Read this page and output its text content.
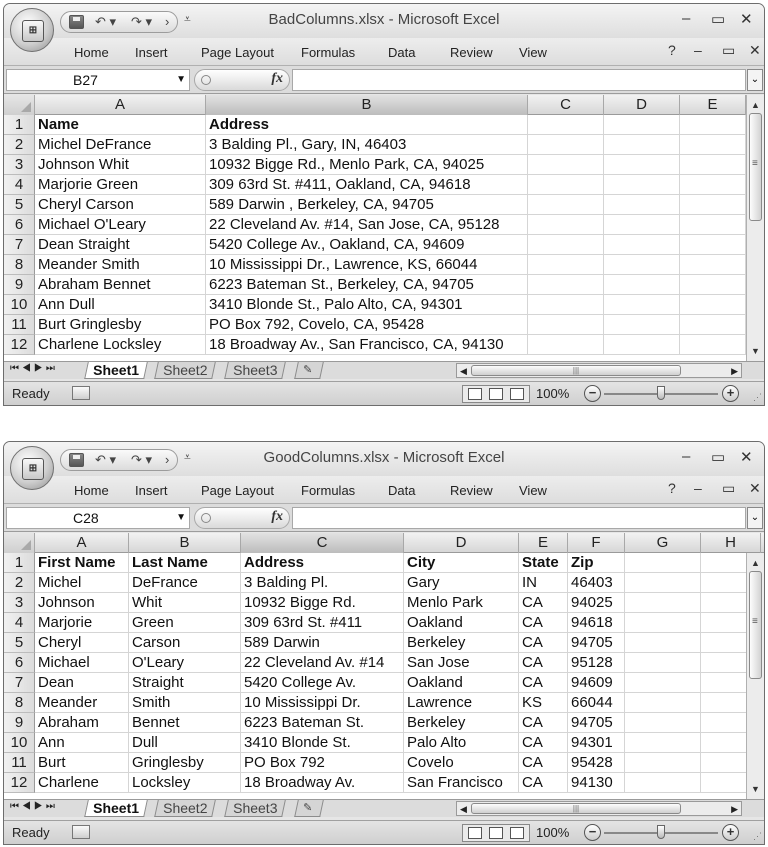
↶ ▾ ↷ ▾ › ⩡	BadColumns.xlsx - Microsoft Excel	– ▭ ✕
⊞
Home Insert	Page Layout Formulas	Data	Review View	? – ▭ ✕
B27	▼	fx	⌄
A	B	C	D	E
1 Name	Address
2 Michel DeFrance	3 Balding Pl., Gary, IN, 46403
3 Johnson Whit	10932 Bigge Rd., Menlo Park, CA, 94025
4 Marjorie Green	309 63rd St. #411, Oakland, CA, 94618
5 Cheryl Carson	589 Darwin , Berkeley, CA, 94705
6 Michael O'Leary	22 Cleveland Av. #14, San Jose, CA, 95128
7 Dean Straight	5420 College Av., Oakland, CA, 94609
8 Meander Smith	10 Mississippi Dr., Lawrence, KS, 66044
9 Abraham Bennet	6223 Bateman St., Berkeley, CA, 94705
10 Ann Dull	3410 Blonde St., Palo Alto, CA, 94301
11 Burt Gringlesby	PO Box 792, Covelo, CA, 95428
12 Charlene Locksley	18 Broadway Av., San Francisco, CA, 94130
▲
≡
▼
⏮◀▶⏭	Sheet1	Sheet2	Sheet3	✎	◀	|||	▶
Ready	100%	−	+	⋰
↶ ▾ ↷ ▾ › ⩡	GoodColumns.xlsx - Microsoft Excel	– ▭ ✕
⊞
Home Insert	Page Layout Formulas	Data	Review View	? – ▭ ✕
C28	▼	fx	⌄
A	B	C	D	E	F	G	H
1 First Name	Last Name	Address	City	State Zip
2 Michel	DeFrance	3 Balding Pl.	Gary	IN	46403
3 Johnson	Whit	10932 Bigge Rd.	Menlo Park	CA	94025
4 Marjorie	Green	309 63rd St. #411	Oakland	CA	94618
5 Cheryl	Carson	589 Darwin	Berkeley	CA	94705
6 Michael	O'Leary	22 Cleveland Av. #14	San Jose	CA	95128
7 Dean	Straight	5420 College Av.	Oakland	CA	94609
8 Meander	Smith	10 Mississippi Dr.	Lawrence	KS	66044
9 Abraham	Bennet	6223 Bateman St.	Berkeley	CA	94705
10 Ann	Dull	3410 Blonde St.	Palo Alto	CA	94301
11 Burt	Gringlesby	PO Box 792	Covelo	CA	95428
12 Charlene	Locksley	18 Broadway Av.	San Francisco	CA	94130
▲
≡
▼
⏮◀▶⏭	Sheet1	Sheet2	Sheet3	✎	◀	|||	▶
Ready	100%	−	+	⋰
